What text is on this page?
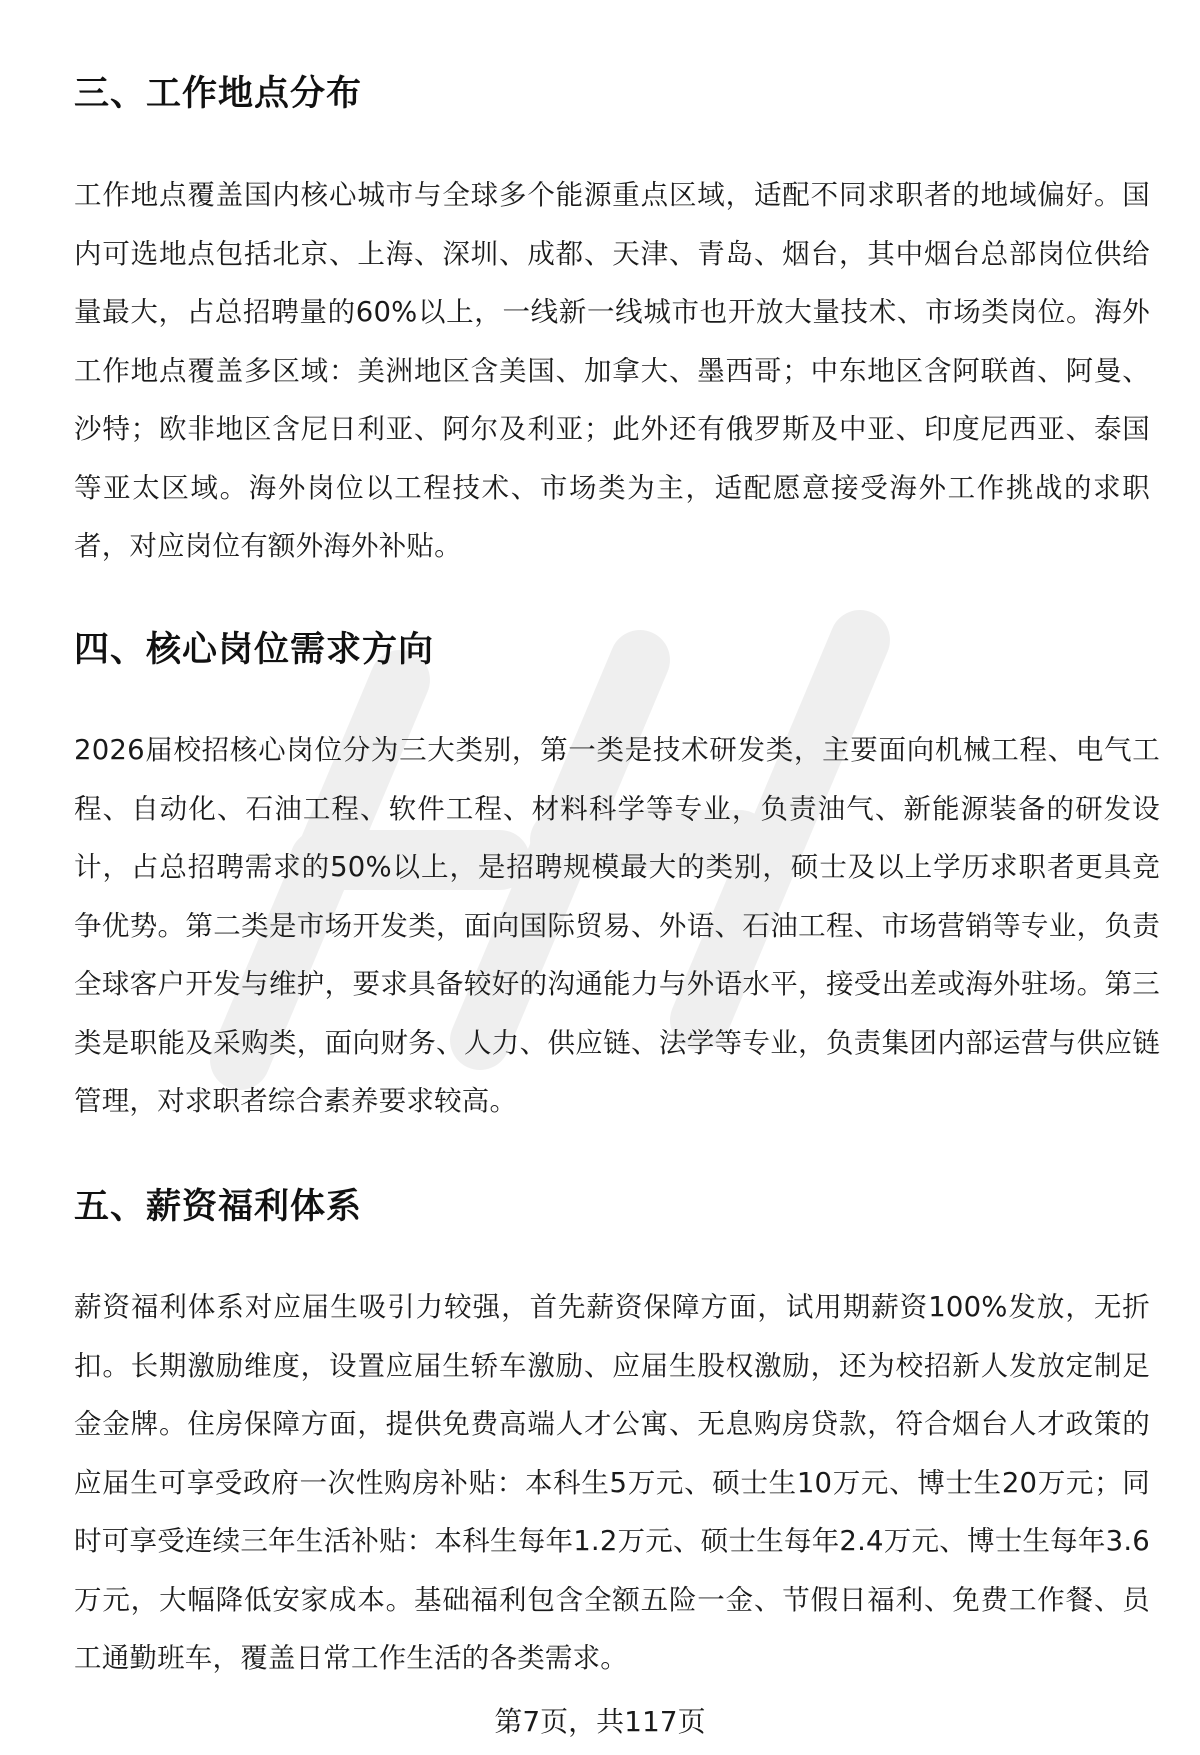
三、工作地点分布

工作地点覆盖国内核心城市与全球多个能源重点区域，适配不同求职者的地域偏好。国内可选地点包括北京、上海、深圳、成都、天津、青岛、烟台，其中烟台总部岗位供给量最大，占总招聘量的60%以上，一线新一线城市也开放大量技术、市场类岗位。海外工作地点覆盖多区域：美洲地区含美国、加拿大、墨西哥；中东地区含阿联酋、阿曼、沙特；欧非地区含尼日利亚、阿尔及利亚；此外还有俄罗斯及中亚、印度尼西亚、泰国等亚太区域。海外岗位以工程技术、市场类为主，适配愿意接受海外工作挑战的求职者，对应岗位有额外海外补贴。

四、核心岗位需求方向

2026届校招核心岗位分为三大类别，第一类是技术研发类，主要面向机械工程、电气工程、自动化、石油工程、软件工程、材料科学等专业，负责油气、新能源装备的研发设计，占总招聘需求的50%以上，是招聘规模最大的类别，硕士及以上学历求职者更具竞争优势。第二类是市场开发类，面向国际贸易、外语、石油工程、市场营销等专业，负责全球客户开发与维护，要求具备较好的沟通能力与外语水平，接受出差或海外驻场。第三类是职能及采购类，面向财务、人力、供应链、法学等专业，负责集团内部运营与供应链管理，对求职者综合素养要求较高。

五、薪资福利体系

薪资福利体系对应届生吸引力较强，首先薪资保障方面，试用期薪资100%发放，无折扣。长期激励维度，设置应届生轿车激励、应届生股权激励，还为校招新人发放定制足金金牌。住房保障方面，提供免费高端人才公寓、无息购房贷款，符合烟台人才政策的应届生可享受政府一次性购房补贴：本科生5万元、硕士生10万元、博士生20万元；同时可享受连续三年生活补贴：本科生每年1.2万元、硕士生每年2.4万元、博士生每年3.6万元，大幅降低安家成本。基础福利包含全额五险一金、节假日福利、免费工作餐、员工通勤班车，覆盖日常工作生活的各类需求。

第7页，共117页
